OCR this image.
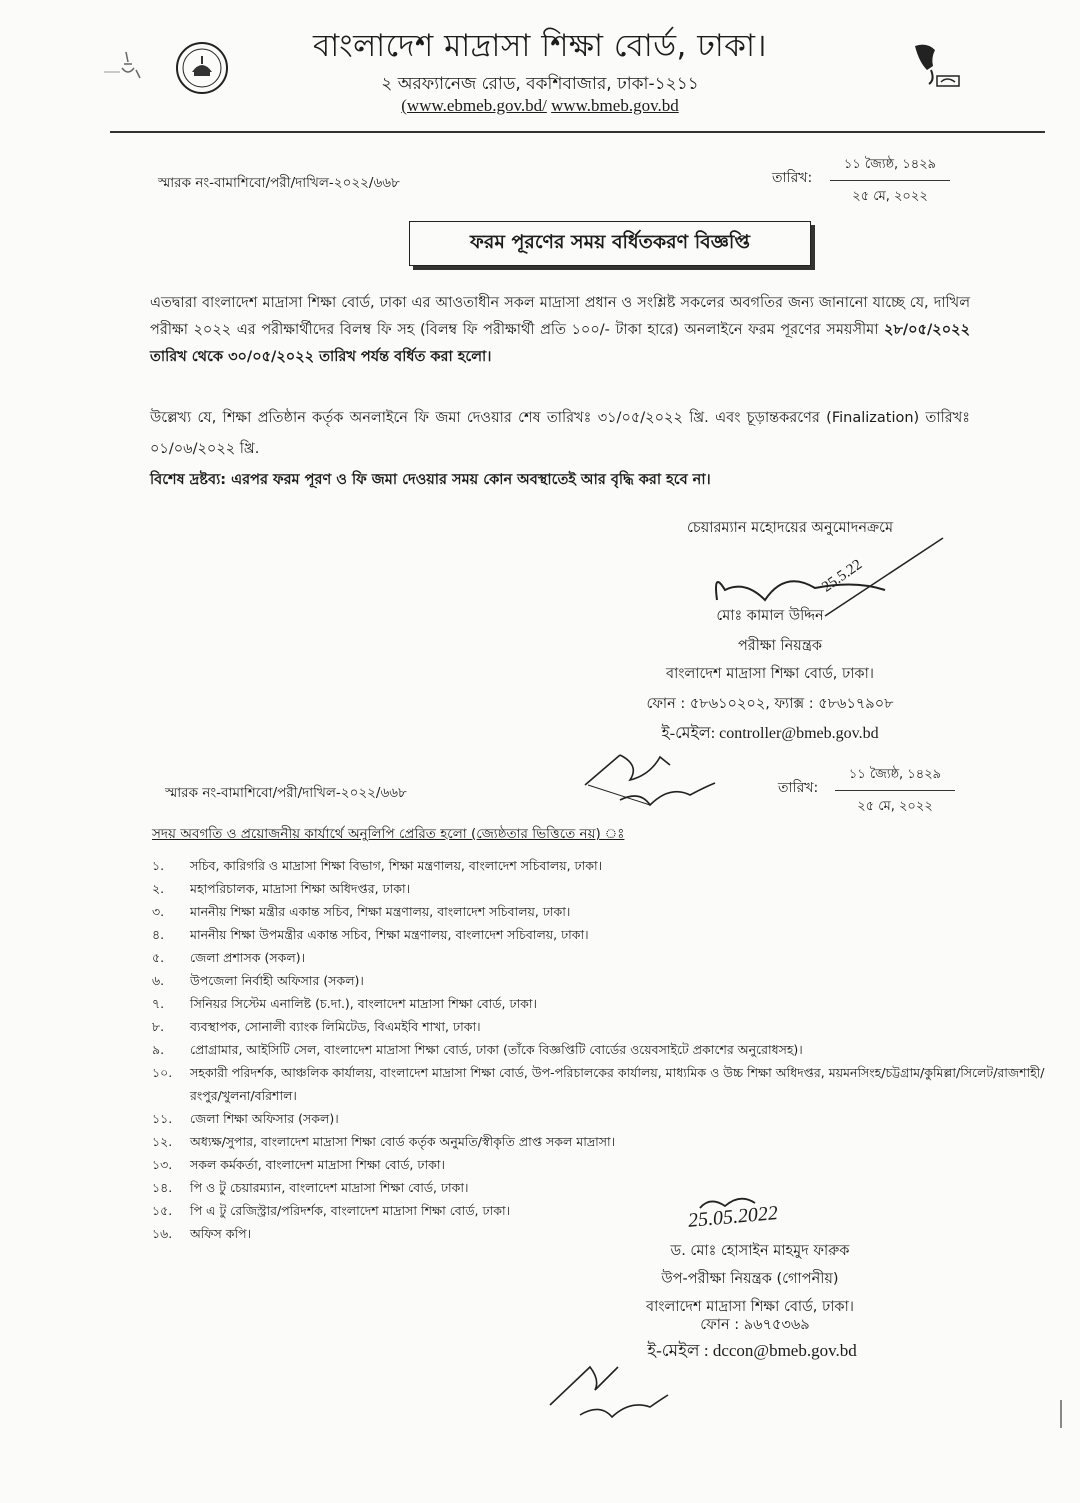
বাংলাদেশ মাদ্রাসা শিক্ষা বোর্ড, ঢাকা।
২ অরফ্যানেজ রোড, বকশিবাজার, ঢাকা-১২১১
(www.ebmeb.gov.bd/ www.bmeb.gov.bd
স্মারক নং-বামাশিবো/পরী/দাখিল-২০২২/৬৬৮	তারিখ:
১১ জ্যৈষ্ঠ, ১৪২৯
২৫ মে, ২০২২
ফরম পূরণের সময় বর্ধিতকরণ বিজ্ঞপ্তি
এতদ্বারা বাংলাদেশ মাদ্রাসা শিক্ষা বোর্ড, ঢাকা এর আওতাধীন সকল মাদ্রাসা প্রধান ও সংশ্লিষ্ট সকলের অবগতির জন্য জানানো যাচ্ছে যে, দাখিল পরীক্ষা ২০২২ এর পরীক্ষার্থীদের বিলম্ব ফি সহ (বিলম্ব ফি পরীক্ষার্থী প্রতি ১০০/- টাকা হারে) অনলাইনে ফরম পূরণের সময়সীমা ২৮/০৫/২০২২ তারিখ থেকে ৩০/০৫/২০২২ তারিখ পর্যন্ত বর্ধিত করা হলো।
উল্লেখ্য যে, শিক্ষা প্রতিষ্ঠান কর্তৃক অনলাইনে ফি জমা দেওয়ার শেষ তারিখঃ ৩১/০৫/২০২২ খ্রি. এবং চূড়ান্তকরণের (Finalization) তারিখঃ ০১/০৬/২০২২ খ্রি.
বিশেষ দ্রষ্টব্য: এরপর ফরম পূরণ ও ফি জমা দেওয়ার সময় কোন অবস্থাতেই আর বৃদ্ধি করা হবে না।
চেয়ারম্যান মহোদয়ের অনুমোদনক্রমে
25.5.22
মোঃ কামাল উদ্দিন
পরীক্ষা নিয়ন্ত্রক
বাংলাদেশ মাদ্রাসা শিক্ষা বোর্ড, ঢাকা।
ফোন : ৫৮৬১০২০২, ফ্যাক্স : ৫৮৬১৭৯০৮
ই-মেইল: controller@bmeb.gov.bd
স্মারক নং-বামাশিবো/পরী/দাখিল-২০২২/৬৬৮	তারিখ:
১১ জ্যৈষ্ঠ, ১৪২৯
২৫ মে, ২০২২
সদয় অবগতি ও প্রয়োজনীয় কার্যার্থে অনুলিপি প্রেরিত হলো (জ্যেষ্ঠতার ভিত্তিতে নয়) ঃ
১.	সচিব, কারিগরি ও মাদ্রাসা শিক্ষা বিভাগ, শিক্ষা মন্ত্রণালয়, বাংলাদেশ সচিবালয়, ঢাকা।
২.	মহাপরিচালক, মাদ্রাসা শিক্ষা অধিদপ্তর, ঢাকা।
৩.	মাননীয় শিক্ষা মন্ত্রীর একান্ত সচিব, শিক্ষা মন্ত্রণালয়, বাংলাদেশ সচিবালয়, ঢাকা।
৪.	মাননীয় শিক্ষা উপমন্ত্রীর একান্ত সচিব, শিক্ষা মন্ত্রণালয়, বাংলাদেশ সচিবালয়, ঢাকা।
৫.	জেলা প্রশাসক (সকল)।
৬.	উপজেলা নির্বাহী অফিসার (সকল)।
৭.	সিনিয়র সিস্টেম এনালিষ্ট (চ.দা.), বাংলাদেশ মাদ্রাসা শিক্ষা বোর্ড, ঢাকা।
৮.	ব্যবস্থাপক, সোনালী ব্যাংক লিমিটেড, বিএমইবি শাখা, ঢাকা।
৯.	প্রোগ্রামার, আইসিটি সেল, বাংলাদেশ মাদ্রাসা শিক্ষা বোর্ড, ঢাকা (তাঁকে বিজ্ঞপ্তিটি বোর্ডের ওয়েবসাইটে প্রকাশের অনুরোধসহ)।
১০.	সহকারী পরিদর্শক, আঞ্চলিক কার্যালয়, বাংলাদেশ মাদ্রাসা শিক্ষা বোর্ড, উপ-পরিচালকের কার্যালয়, মাধ্যমিক ও উচ্চ শিক্ষা অধিদপ্তর, ময়মনসিংহ/চট্টগ্রাম/কুমিল্লা/সিলেট/রাজশাহী/রংপুর/খুলনা/বরিশাল।
১১.	জেলা শিক্ষা অফিসার (সকল)।
১২.	অধ্যক্ষ/সুপার, বাংলাদেশ মাদ্রাসা শিক্ষা বোর্ড কর্তৃক অনুমতি/স্বীকৃতি প্রাপ্ত সকল মাদ্রাসা।
১৩.	সকল কর্মকর্তা, বাংলাদেশ মাদ্রাসা শিক্ষা বোর্ড, ঢাকা।
১৪.	পি ও টু চেয়ারম্যান, বাংলাদেশ মাদ্রাসা শিক্ষা বোর্ড, ঢাকা।
১৫.	পি এ টু রেজিস্ট্রার/পরিদর্শক, বাংলাদেশ মাদ্রাসা শিক্ষা বোর্ড, ঢাকা।
১৬.	অফিস কপি।
25.05.2022
ড. মোঃ হোসাইন মাহমুদ ফারুক
উপ-পরীক্ষা নিয়ন্ত্রক (গোপনীয়)
বাংলাদেশ মাদ্রাসা শিক্ষা বোর্ড, ঢাকা।
ফোন : ৯৬৭৫৩৬৯
ই-মেইল : dccon@bmeb.gov.bd
